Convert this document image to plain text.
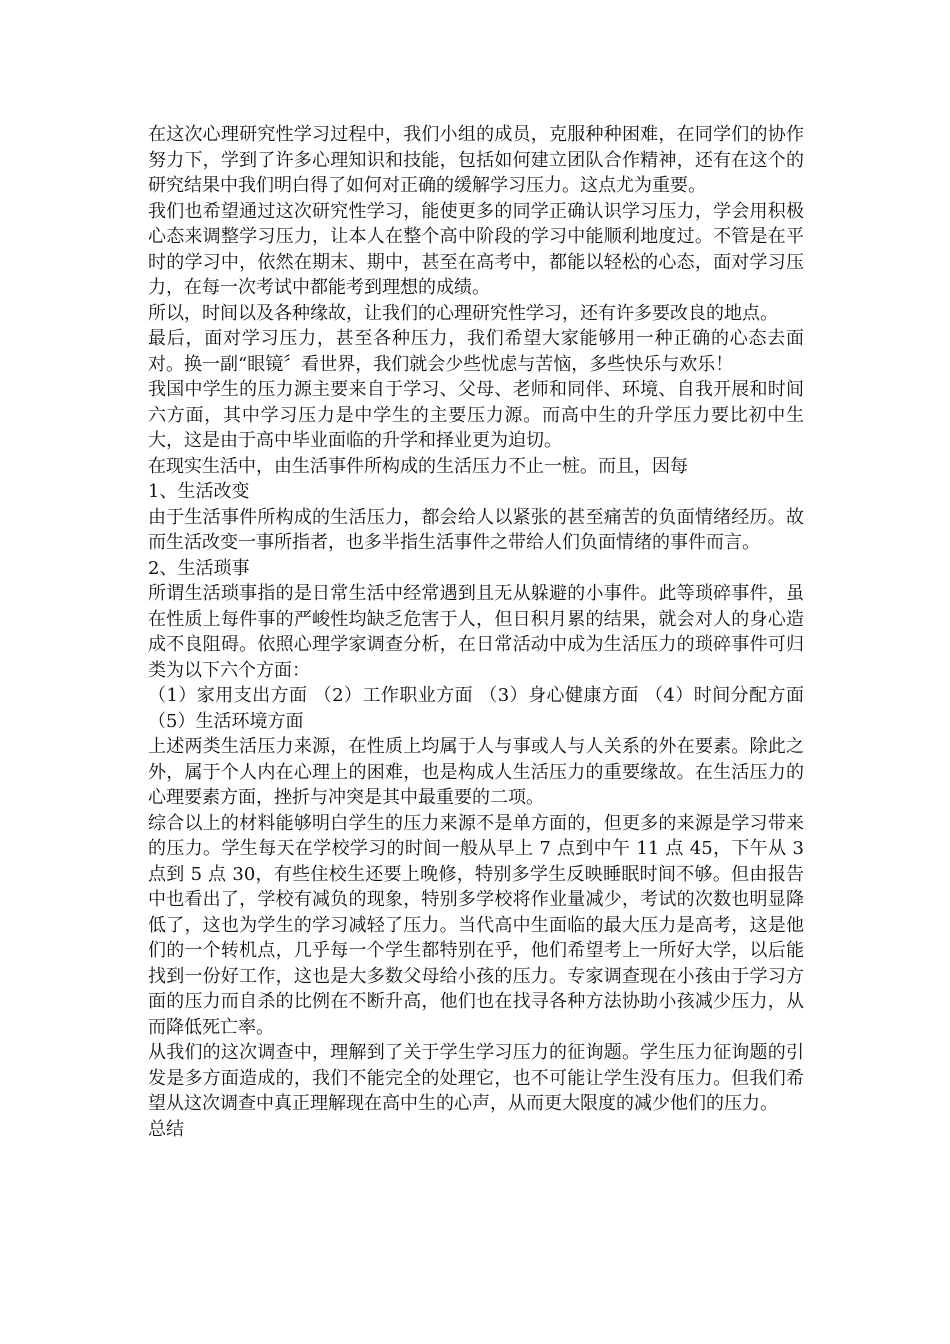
在这次心理研究性学习过程中，我们小组的成员，克服种种困难，在同学们的协作努力下，学到了许多心理知识和技能，包括如何建立团队合作精神，还有在这个的研究结果中我们明白得了如何对正确的缓解学习压力。这点尤为重要。

我们也希望通过这次研究性学习，能使更多的同学正确认识学习压力，学会用积极心态来调整学习压力，让本人在整个高中阶段的学习中能顺利地度过。不管是在平时的学习中，依然在期末、期中，甚至在高考中，都能以轻松的心态，面对学习压力，在每一次考试中都能考到理想的成绩。

所以，时间以及各种缘故，让我们的心理研究性学习，还有许多要改良的地点。

最后，面对学习压力，甚至各种压力，我们希望大家能够用一种正确的心态去面对。换一副“眼镜〞看世界，我们就会少些忧虑与苦恼，多些快乐与欢乐！

我国中学生的压力源主要来自于学习、父母、老师和同伴、环境、自我开展和时间六方面，其中学习压力是中学生的主要压力源。而高中生的升学压力要比初中生大，这是由于高中毕业面临的升学和择业更为迫切。

在现实生活中，由生活事件所构成的生活压力不止一桩。而且，因每

1、生活改变

由于生活事件所构成的生活压力，都会给人以紧张的甚至痛苦的负面情绪经历。故而生活改变一事所指者，也多半指生活事件之带给人们负面情绪的事件而言。

2、生活琐事

所谓生活琐事指的是日常生活中经常遇到且无从躲避的小事件。此等琐碎事件，虽在性质上每件事的严峻性均缺乏危害于人，但日积月累的结果，就会对人的身心造成不良阻碍。依照心理学家调查分析，在日常活动中成为生活压力的琐碎事件可归类为以下六个方面：

（1）家用支出方面 （2）工作职业方面 （3）身心健康方面 （4）时间分配方面 （5）生活环境方面

上述两类生活压力来源，在性质上均属于人与事或人与人关系的外在要素。除此之外，属于个人内在心理上的困难，也是构成人生活压力的重要缘故。在生活压力的心理要素方面，挫折与冲突是其中最重要的二项。

综合以上的材料能够明白学生的压力来源不是单方面的，但更多的来源是学习带来的压力。学生每天在学校学习的时间一般从早上 7 点到中午 11 点 45，下午从 3 点到 5 点 30，有些住校生还要上晚修，特别多学生反映睡眠时间不够。但由报告中也看出了，学校有减负的现象，特别多学校将作业量减少，考试的次数也明显降低了，这也为学生的学习减轻了压力。当代高中生面临的最大压力是高考，这是他们的一个转机点，几乎每一个学生都特别在乎，他们希望考上一所好大学，以后能找到一份好工作，这也是大多数父母给小孩的压力。专家调查现在小孩由于学习方面的压力而自杀的比例在不断升高，他们也在找寻各种方法协助小孩减少压力，从而降低死亡率。

从我们的这次调查中，理解到了关于学生学习压力的征询题。学生压力征询题的引发是多方面造成的，我们不能完全的处理它，也不可能让学生没有压力。但我们希望从这次调查中真正理解现在高中生的心声，从而更大限度的减少他们的压力。

总结
